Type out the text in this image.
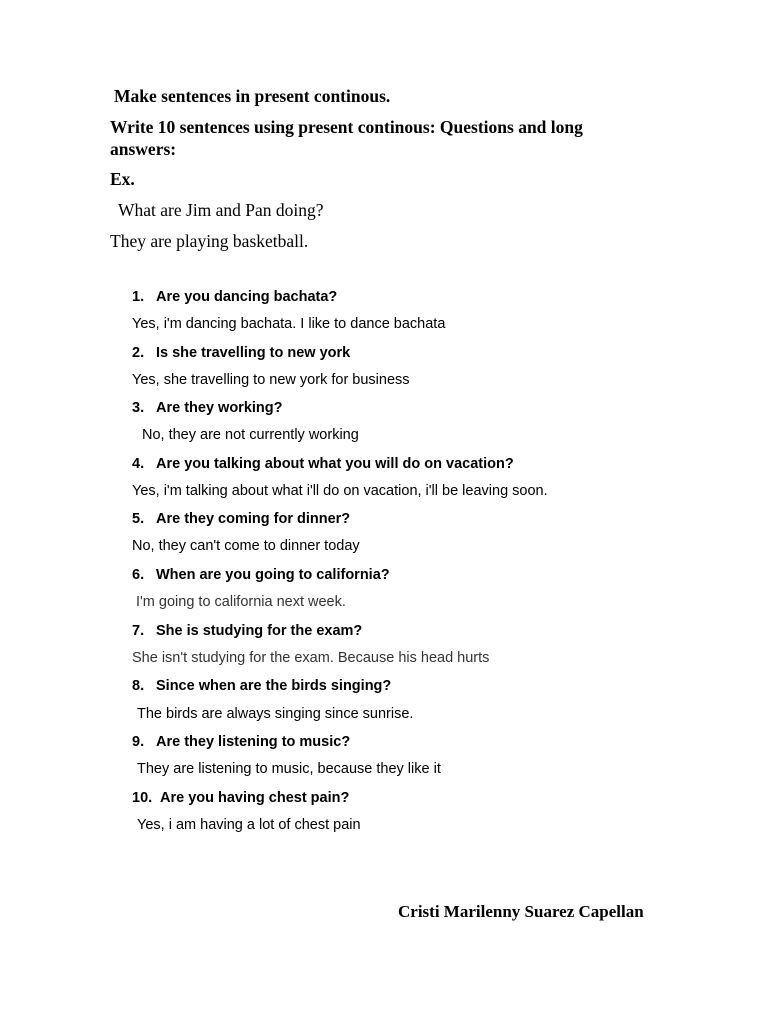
Make sentences in present continous.
Write 10 sentences using present continous: Questions and long answers:
Ex.
What are Jim and Pan doing?
They are playing basketball.
1. Are you dancing bachata?
Yes, i'm dancing bachata. I like to dance bachata
2. Is she travelling to new york
Yes, she travelling to new york for business
3. Are they working?
No, they are not currently working
4. Are you talking about what you will do on vacation?
Yes, i'm talking about what i'll do on vacation, i'll be leaving soon.
5. Are they coming for dinner?
No, they can't come to dinner today
6. When are you going to california?
I'm going to california next week.
7. She is studying for the exam?
She isn't studying for the exam. Because his head hurts
8. Since when are the birds singing?
The birds are always singing since sunrise.
9. Are they listening to music?
They are listening to music, because they like it
10. Are you having chest pain?
Yes, i am having a lot of chest pain
Cristi Marilenny Suarez Capellan
